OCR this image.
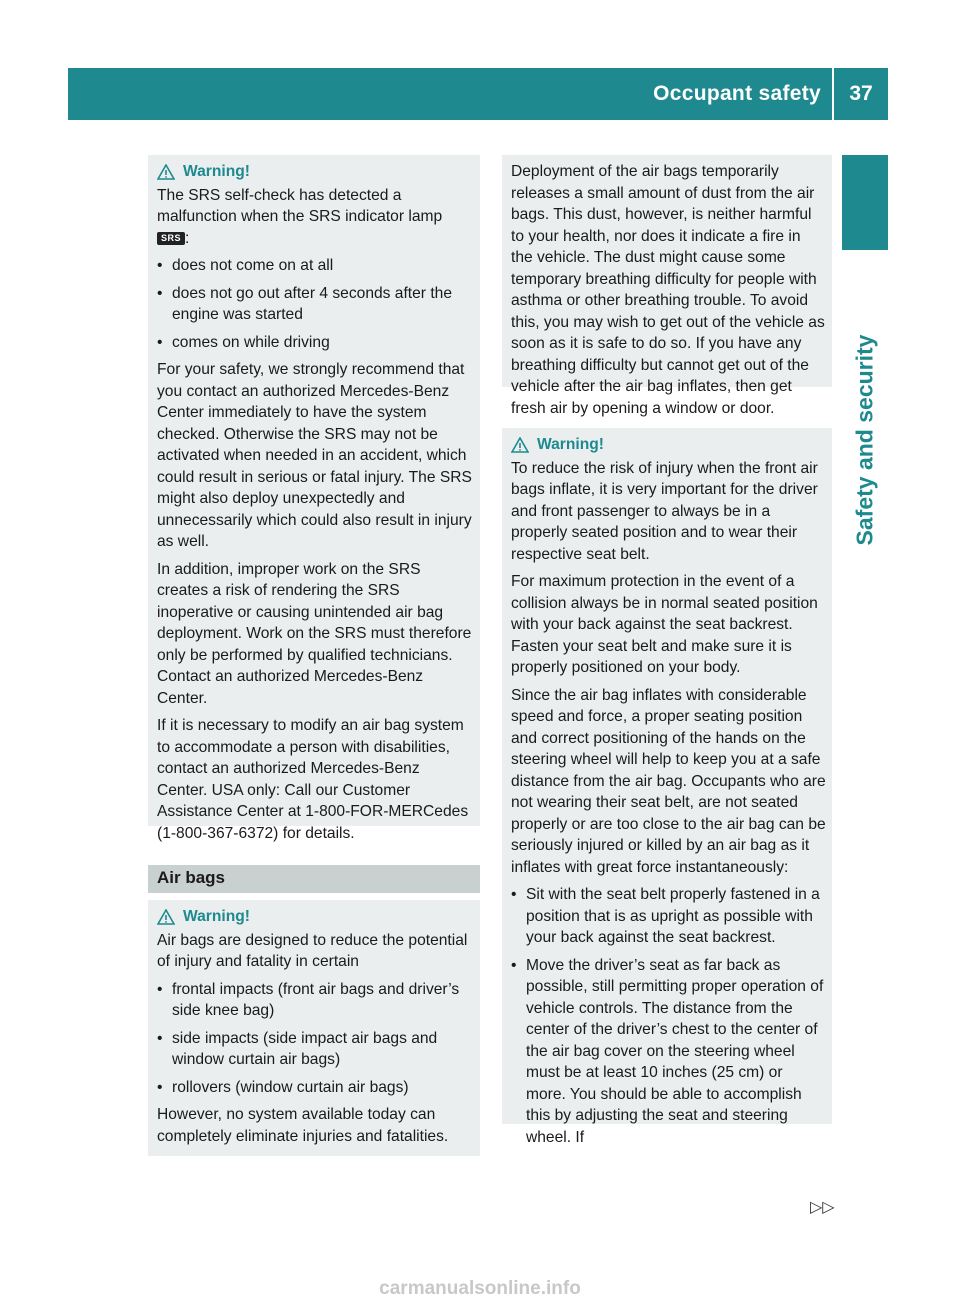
Occupant safety	37
Safety and security
Warning!

The SRS self-check has detected a malfunction when the SRS indicator lamp SRS :

• does not come on at all
• does not go out after 4 seconds after the engine was started
• comes on while driving

For your safety, we strongly recommend that you contact an authorized Mercedes-Benz Center immediately to have the system checked. Otherwise the SRS may not be activated when needed in an accident, which could result in serious or fatal injury. The SRS might also deploy unexpectedly and unnecessarily which could also result in injury as well.

In addition, improper work on the SRS creates a risk of rendering the SRS inoperative or causing unintended air bag deployment. Work on the SRS must therefore only be performed by qualified technicians. Contact an authorized Mercedes-Benz Center.

If it is necessary to modify an air bag system to accommodate a person with disabilities, contact an authorized Mercedes-Benz Center. USA only: Call our Customer Assistance Center at 1-800-FOR-MERCedes (1-800-367-6372) for details.

Air bags
Warning!

Air bags are designed to reduce the potential of injury and fatality in certain

• frontal impacts (front air bags and driver’s side knee bag)
• side impacts (side impact air bags and window curtain air bags)
• rollovers (window curtain air bags)

However, no system available today can completely eliminate injuries and fatalities.

Deployment of the air bags temporarily releases a small amount of dust from the air bags. This dust, however, is neither harmful to your health, nor does it indicate a fire in the vehicle. The dust might cause some temporary breathing difficulty for people with asthma or other breathing trouble. To avoid this, you may wish to get out of the vehicle as soon as it is safe to do so. If you have any breathing difficulty but cannot get out of the vehicle after the air bag inflates, then get fresh air by opening a window or door.

Warning!

To reduce the risk of injury when the front air bags inflate, it is very important for the driver and front passenger to always be in a properly seated position and to wear their respective seat belt.

For maximum protection in the event of a collision always be in normal seated position with your back against the seat backrest. Fasten your seat belt and make sure it is properly positioned on your body.

Since the air bag inflates with considerable speed and force, a proper seating position and correct positioning of the hands on the steering wheel will help to keep you at a safe distance from the air bag. Occupants who are not wearing their seat belt, are not seated properly or are too close to the air bag can be seriously injured or killed by an air bag as it inflates with great force instantaneously:

• Sit with the seat belt properly fastened in a position that is as upright as possible with your back against the seat backrest.
• Move the driver’s seat as far back as possible, still permitting proper operation of vehicle controls. The distance from the center of the driver’s chest to the center of the air bag cover on the steering wheel must be at least 10 inches (25 cm) or more. You should be able to accomplish this by adjusting the seat and steering wheel. If
▷▷
carmanualsonline.info
